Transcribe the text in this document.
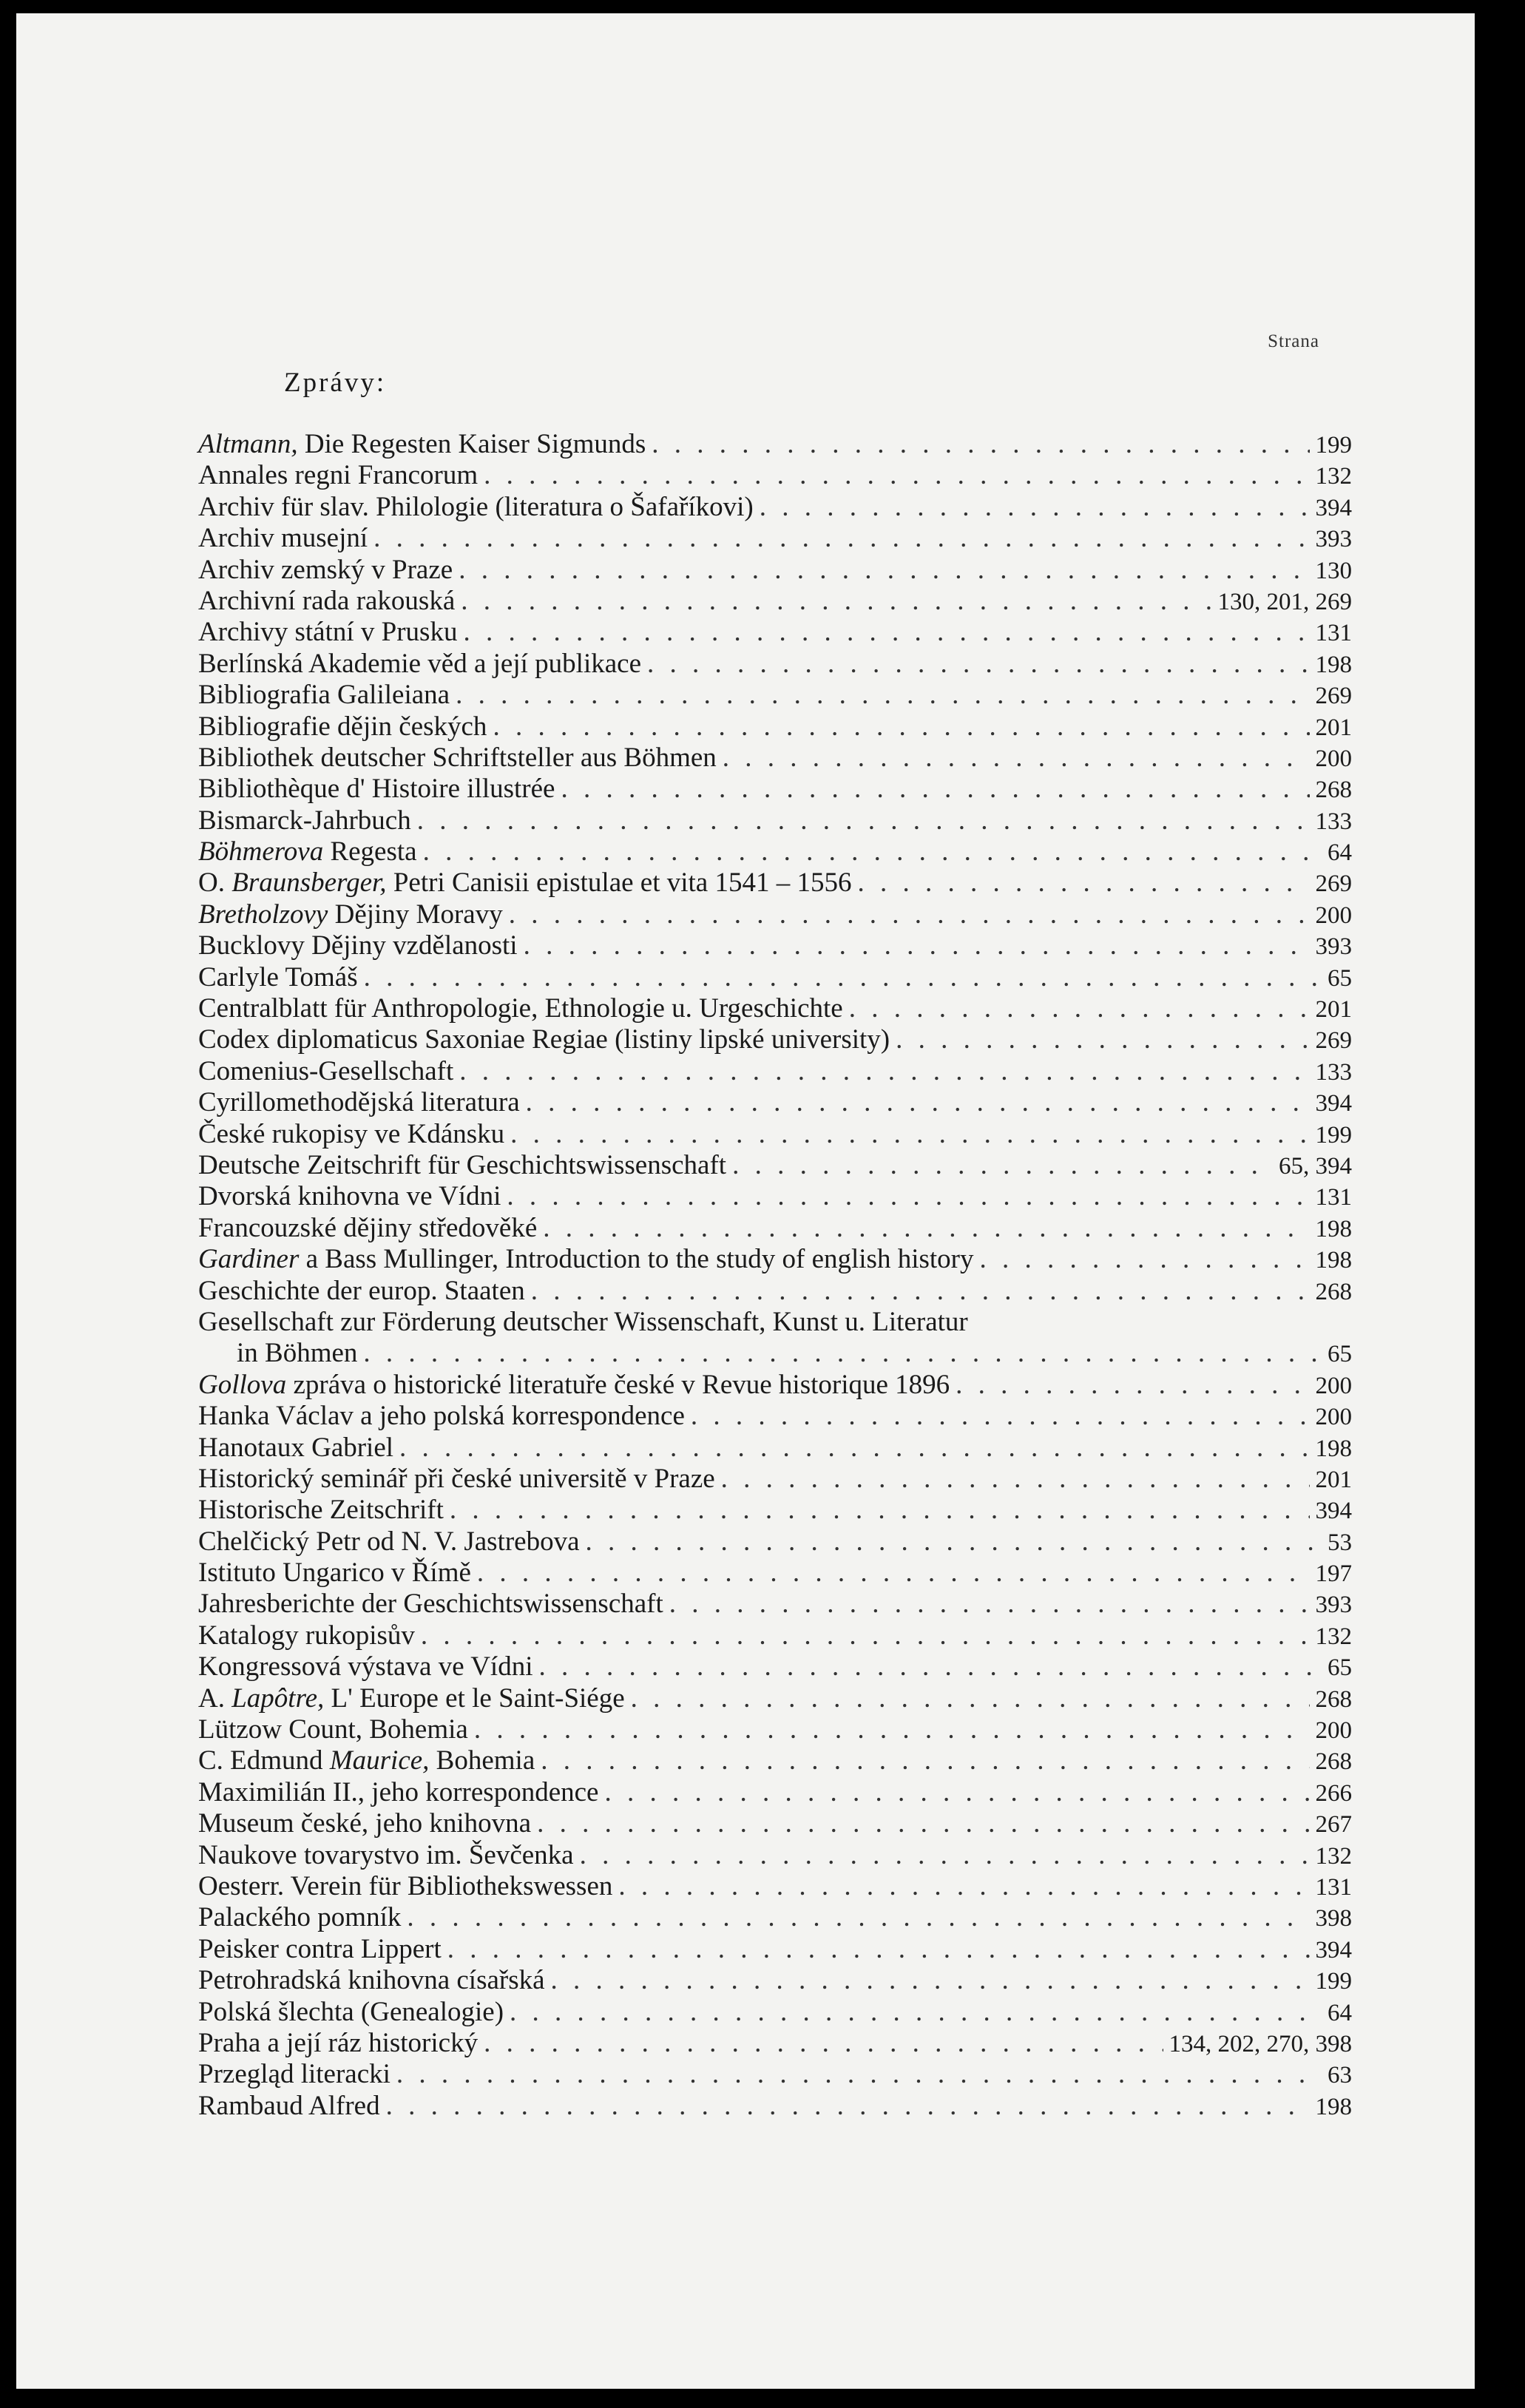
Strana
Zprávy:
Altmann, Die Regesten Kaiser Sigmunds . . .	199
Annales regni Francorum . . .	132
Archiv für slav. Philologie (literatura o Šafaříkovi) . . .	394
Archiv musejní . . .	393
Archiv zemský v Praze . . .	130
Archivní rada rakouská . . .	130, 201, 269
Archivy státní v Prusku . . .	131
Berlínská Akademie věd a její publikace . . .	198
Bibliografia Galileiana . . .	269
Bibliografie dějin českých . . .	201
Bibliothek deutscher Schriftsteller aus Böhmen . . .	200
Bibliothèque d' Histoire illustrée . . .	268
Bismarck-Jahrbuch . . .	133
Böhmerova Regesta . . .	64
O. Braunsberger, Petri Canisii epistulae et vita 1541 – 1556 . . .	269
Bretholzovy Dějiny Moravy . . .	200
Bucklovy Dějiny vzdělanosti . . .	393
Carlyle Tomáš . . .	65
Centralblatt für Anthropologie, Ethnologie u. Urgeschichte . . .	201
Codex diplomaticus Saxoniae Regiae (listiny lipské university) . . .	269
Comenius-Gesellschaft . . .	133
Cyrillomethodějská literatura . . .	394
České rukopisy ve Kdánsku . . .	199
Deutsche Zeitschrift für Geschichtswissenschaft . . .	65, 394
Dvorská knihovna ve Vídni . . .	131
Francouzské dějiny středověké . . .	198
Gardiner a Bass Mullinger, Introduction to the study of english history . . .	198
Geschichte der europ. Staaten . . .	268
Gesellschaft zur Förderung deutscher Wissenschaft, Kunst u. Literatur
in Böhmen . . .	65
Gollova zpráva o historické literatuře české v Revue historique 1896 . . .	200
Hanka Václav a jeho polská korrespondence . . .	200
Hanotaux Gabriel . . .	198
Historický seminář při české universitě v Praze . . .	201
Historische Zeitschrift . . .	394
Chelčický Petr od N. V. Jastrebova . . .	53
Istituto Ungarico v Římě . . .	197
Jahresberichte der Geschichtswissenschaft . . .	393
Katalogy rukopisův . . .	132
Kongressová výstava ve Vídni . . .	65
A. Lapôtre, L' Europe et le Saint-Siége . . .	268
Lützow Count, Bohemia . . .	200
C. Edmund Maurice, Bohemia . . .	268
Maximilián II., jeho korrespondence . . .	266
Museum české, jeho knihovna . . .	267
Naukove tovarystvo im. Ševčenka . . .	132
Oesterr. Verein für Bibliothekswessen . . .	131
Palackého pomník . . .	398
Peisker contra Lippert . . .	394
Petrohradská knihovna císařská . . .	199
Polská šlechta (Genealogie) . . .	64
Praha a její ráz historický . . .	134, 202, 270, 398
Przegląd literacki . . .	63
Rambaud Alfred . . .	198
